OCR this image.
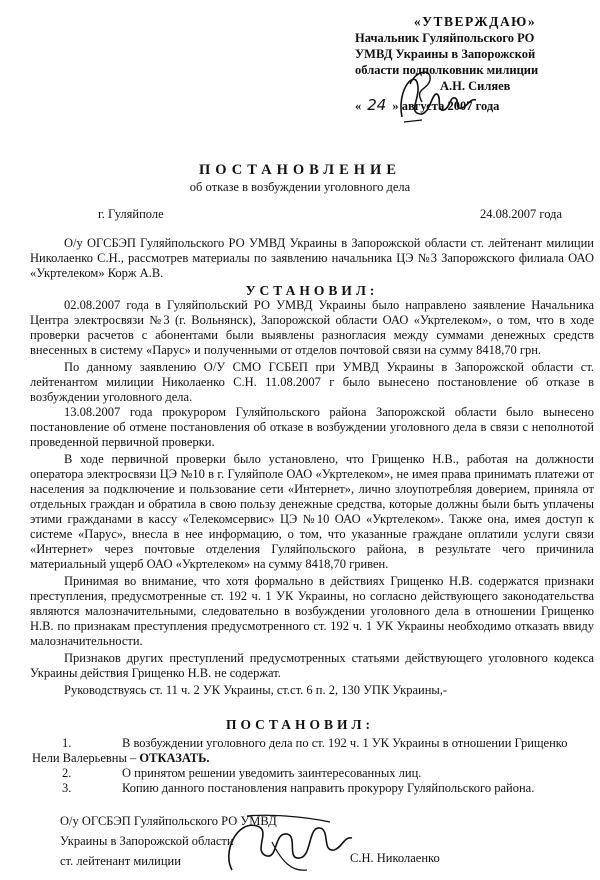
«УТВЕРЖДАЮ»
Начальник Гуляйпольского РО
УМВД Украины в Запорожской
области подполковник милиции
А.Н. Силяев
« 24 » августа 2007 года
ПОСТАНОВЛЕНИЕ
об отказе в возбуждении уголовного дела
г. Гуляйполе	24.08.2007 года

О/у ОГСБЭП Гуляйпольского РО УМВД Украины в Запорожской области ст. лейтенант милиции Николаенко С.Н., рассмотрев материалы по заявлению начальника ЦЭ №3 Запорожского филиала ОАО «Укртелеком» Корж А.В.

УСТАНОВИЛ:

02.08.2007 года в Гуляйпольский РО УМВД Украины было направлено заявление Начальника Центра электросвязи №3 (г. Вольнянск), Запорожской области ОАО «Укртелеком», о том, что в ходе проверки расчетов с абонентами были выявлены разногласия между суммами денежных средств внесенных в систему «Парус» и полученными от отделов почтовой связи на сумму 8418,70 грн.

По данному заявлению О/У СМО ГСБЕП при УМВД Украины в Запорожской области ст. лейтенантом милиции Николаенко С.Н. 11.08.2007 г было вынесено постановление об отказе в возбуждении уголовного дела.

13.08.2007 года прокурором Гуляйпольского района Запорожской области было вынесено постановление об отмене постановления об отказе в возбуждении уголовного дела в связи с неполнотой проведенной первичной проверки.

В ходе первичной проверки было установлено, что Грищенко Н.В., работая на должности оператора электросвязи ЦЭ №10 в г. Гуляйполе ОАО «Укртелеком», не имея права принимать платежи от населения за подключение и пользование сети «Интернет», лично злоупотребляя доверием, приняла от отдельных граждан и обратила в свою пользу денежные средства, которые должны были быть уплачены этими гражданами в кассу «Телекомсервис» ЦЭ №10 ОАО «Укртелеком». Также она, имея доступ к системе «Парус», внесла в нее информацию, о том, что указанные граждане оплатили услуги связи «Интернет» через почтовые отделения Гуляйпольского района, в результате чего причинила материальный ущерб ОАО «Укртелеком» на сумму 8418,70 гривен.

Принимая во внимание, что хотя формально в действиях Грищенко Н.В. содержатся признаки преступления, предусмотренные ст. 192 ч. 1 УК Украины, но согласно действующего законодательства являются малозначительными, следовательно в возбуждении уголовного дела в отношении Грищенко Н.В. по признакам преступления предусмотренного ст. 192 ч. 1 УК Украины необходимо отказать ввиду малозначительности.

Признаков других преступлений предусмотренных статьями действующего уголовного кодекса Украины действия Грищенко Н.В. не содержат.

Руководствуясь ст. 11 ч. 2 УК Украины, ст.ст. 6 п. 2, 130 УПК Украины,-

ПОСТАНОВИЛ:
1.	В возбуждении уголовного дела по ст. 192 ч. 1 УК Украины в отношении Грищенко
Нели Валерьевны – ОТКАЗАТЬ.
2.	О принятом решении уведомить заинтересованных лиц.
3.	Копию данного постановления направить прокурору Гуляйпольского района.
О/у ОГСБЭП Гуляйпольского РО УМВД
Украины в Запорожской области
ст. лейтенант милиции	С.Н. Николаенко
